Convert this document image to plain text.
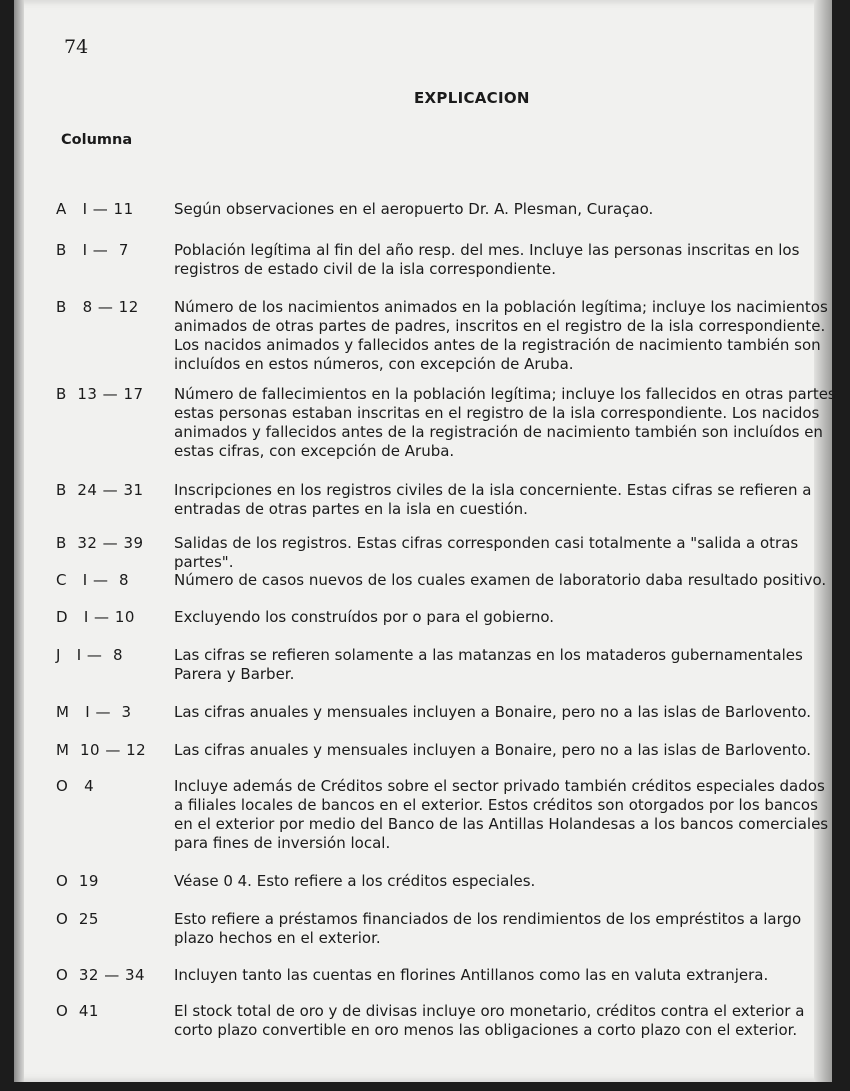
74
EXPLICACION
Columna
A   I — 11	Según observaciones en el aeropuerto Dr. A. Plesman, Curaçao.
B   I —  7	Población legítima al fin del año resp. del mes. Incluye las personas inscritas en los registros de estado civil de la isla correspondiente.
B   8 — 12 Número de los nacimientos animados en la población legítima; incluye los nacimientos animados de otras partes de padres, inscritos en el registro de la isla correspondiente. Los nacidos animados y fallecidos antes de la registración de nacimiento también son incluídos en estos números, con excepción de Aruba.
B  13 — 17 Número de fallecimientos en la población legítima; incluye los fallecidos en otras partes estas personas estaban inscritas en el registro de la isla correspondiente. Los nacidos animados y fallecidos antes de la registración de nacimiento también son incluídos en estas cifras, con excepción de Aruba.
B  24 — 31 Inscripciones en los registros civiles de la isla concerniente. Estas cifras se refieren a entradas de otras partes en la isla en cuestión.
B  32 — 39 Salidas de los registros. Estas cifras corresponden casi totalmente a "salida a otras partes".
C   I —  8	Número de casos nuevos de los cuales examen de laboratorio daba resultado positivo.
D   I — 10	Excluyendo los construídos por o para el gobierno.
J   I —  8	Las cifras se refieren solamente a las matanzas en los mataderos gubernamentales Parera y Barber.
M   I —  3	Las cifras anuales y mensuales incluyen a Bonaire, pero no a las islas de Barlovento.
M  10 — 12 Las cifras anuales y mensuales incluyen a Bonaire, pero no a las islas de Barlovento.
O   4	Incluye además de Créditos sobre el sector privado también créditos especiales dados a filiales locales de bancos en el exterior. Estos créditos son otorgados por los bancos en el exterior por medio del Banco de las Antillas Holandesas a los bancos comerciales para fines de inversión local.
O  19	Véase 0 4. Esto refiere a los créditos especiales.
O  25	Esto refiere a préstamos financiados de los rendimientos de los empréstitos a largo plazo hechos en el exterior.
O  32 — 34 Incluyen tanto las cuentas en florines Antillanos como las en valuta extranjera.
O  41	El stock total de oro y de divisas incluye oro monetario, créditos contra el exterior a corto plazo convertible en oro menos las obligaciones a corto plazo con el exterior.
